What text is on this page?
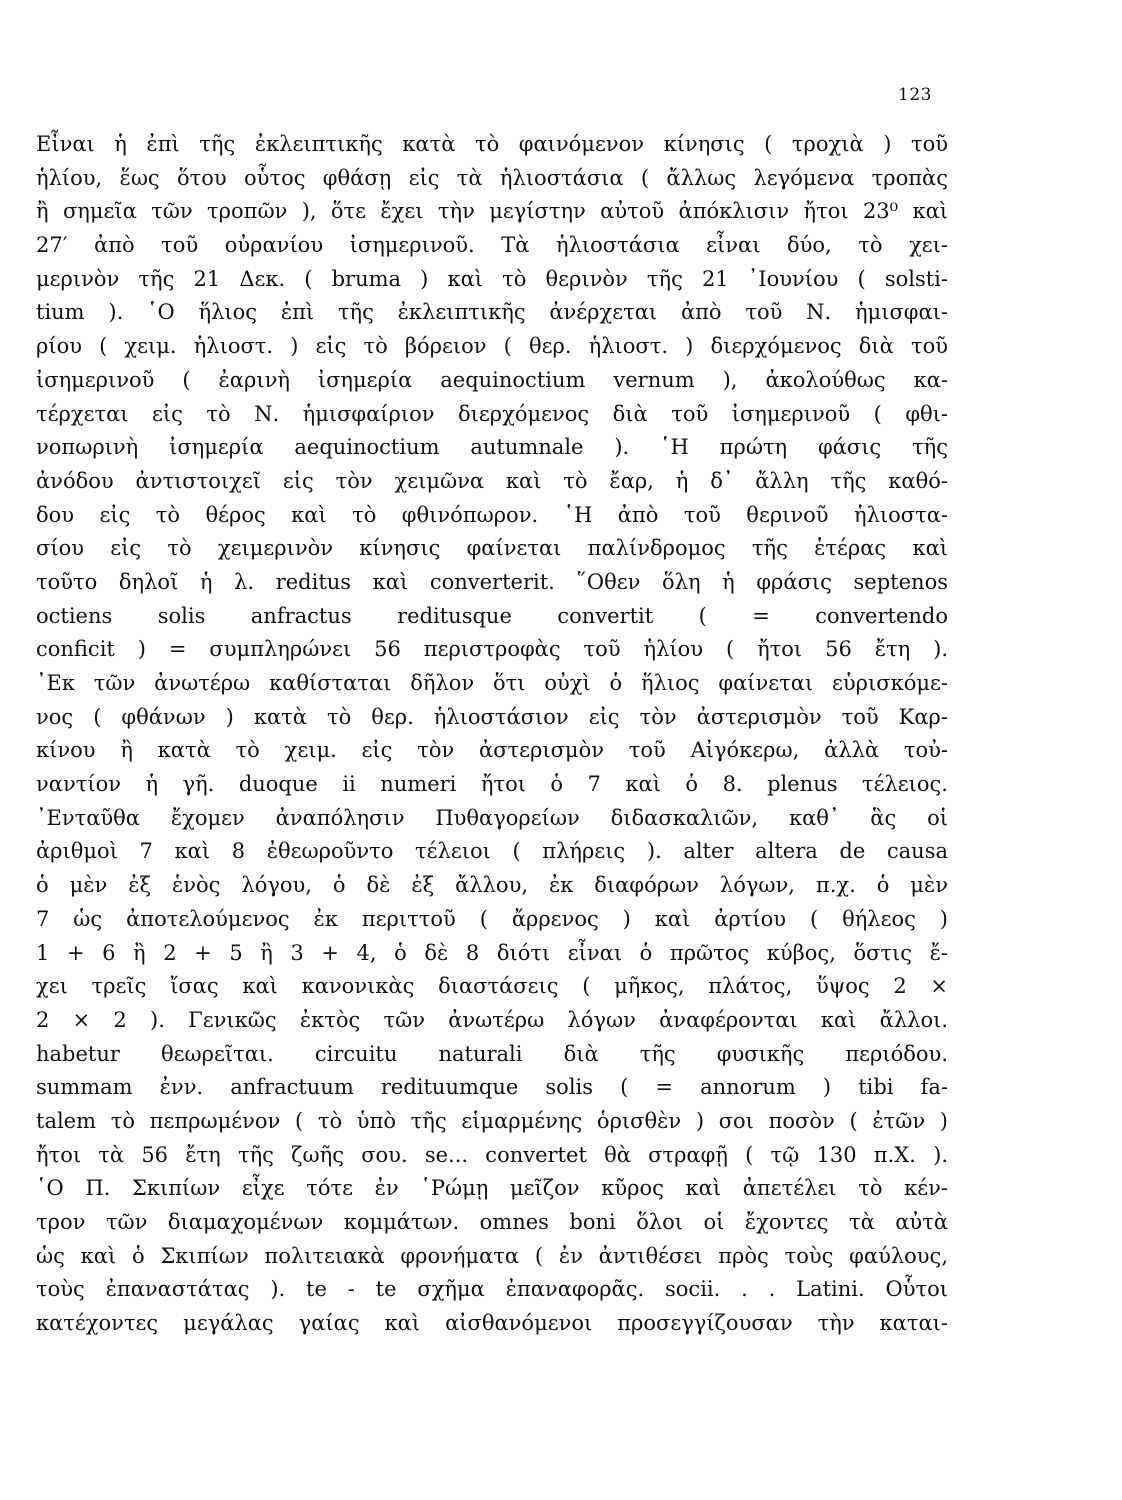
123
Εἶναι ἡ ἐπὶ τῆς ἐκλειπτικῆς κατὰ τὸ φαινόμενον κίνησις ( τροχιὰ ) τοῦ
ἡλίου, ἕως ὅτου οὗτος φθάσῃ εἰς τὰ ἡλιοστάσια ( ἄλλως λεγόμενα τροπὰς
ἢ σημεῖα τῶν τροπῶν ), ὅτε ἔχει τὴν μεγίστην αὐτοῦ ἀπόκλισιν ἤτοι 23⁰ καὶ
27′ ἀπὸ τοῦ οὐρανίου ἰσημερινοῦ. Τὰ ἡλιοστάσια εἶναι δύο, τὸ χει-
μερινὸν τῆς 21 Δεκ. ( bruma ) καὶ τὸ θερινὸν τῆς 21 ᾿Ιουνίου ( solsti-
tium ). ῾Ο ἥλιος ἐπὶ τῆς ἐκλειπτικῆς ἀνέρχεται ἀπὸ τοῦ Ν. ἡμισφαι-
ρίου ( χειμ. ἡλιοστ. ) εἰς τὸ βόρειον ( θερ. ἡλιοστ. ) διερχόμενος διὰ τοῦ
ἰσημερινοῦ ( ἐαρινὴ ἰσημερία aequinoctium vernum ), ἀκολούθως κα-
τέρχεται εἰς τὸ Ν. ἡμισφαίριον διερχόμενος διὰ τοῦ ἰσημερινοῦ ( φθι-
νοπωρινὴ ἰσημερία aequinoctium autumnale ). ῾Η πρώτη φάσις τῆς
ἀνόδου ἀντιστοιχεῖ εἰς τὸν χειμῶνα καὶ τὸ ἔαρ, ἡ δ᾿ ἄλλη τῆς καθό-
δου εἰς τὸ θέρος καὶ τὸ φθινόπωρον. ῾Η ἀπὸ τοῦ θερινοῦ ἡλιοστα-
σίου εἰς τὸ χειμερινὸν κίνησις φαίνεται παλίνδρομος τῆς ἑτέρας καὶ
τοῦτο δηλοῖ ἡ λ. reditus καὶ converterit. ῞Οθεν ὅλη ἡ φράσις septenos
octiens solis anfractus reditusque convertit ( = convertendo
conficit ) = συμπληρώνει 56 περιστροφὰς τοῦ ἡλίου ( ἤτοι 56 ἔτη ).
᾿Εκ τῶν ἀνωτέρω καθίσταται δῆλον ὅτι οὐχὶ ὁ ἥλιος φαίνεται εὑρισκόμε-
νος ( φθάνων ) κατὰ τὸ θερ. ἡλιοστάσιον εἰς τὸν ἀστερισμὸν τοῦ Καρ-
κίνου ἢ κατὰ τὸ χειμ. εἰς τὸν ἀστερισμὸν τοῦ Αἰγόκερω, ἀλλὰ τοὐ-
ναντίον ἡ γῆ. duoque ii numeri ἤτοι ὁ 7 καὶ ὁ 8. plenus τέλειος.
᾿Ενταῦθα ἔχομεν ἀναπόλησιν Πυθαγορείων διδασκαλιῶν, καθ᾿ ἃς οἱ
ἀριθμοὶ 7 καὶ 8 ἐθεωροῦντο τέλειοι ( πλήρεις ). alter altera de causa
ὁ μὲν ἐξ ἑνὸς λόγου, ὁ δὲ ἐξ ἄλλου, ἐκ διαφόρων λόγων, π.χ. ὁ μὲν
7 ὡς ἀποτελούμενος ἐκ περιττοῦ ( ἄρρενος ) καὶ ἀρτίου ( θήλεος )
1 + 6 ἢ 2 + 5 ἢ 3 + 4, ὁ δὲ 8 διότι εἶναι ὁ πρῶτος κύβος, ὅστις ἔ-
χει τρεῖς ἴσας καὶ κανονικὰς διαστάσεις ( μῆκος, πλάτος, ὕψος 2 ×
2 × 2 ). Γενικῶς ἐκτὸς τῶν ἀνωτέρω λόγων ἀναφέρονται καὶ ἄλλοι.
habetur θεωρεῖται. circuitu naturali διὰ τῆς φυσικῆς περιόδου.
summam ἐνν. anfractuum redituumque solis ( = annorum ) tibi fa-
talem τὸ πεπρωμένον ( τὸ ὑπὸ τῆς εἱμαρμένης ὁρισθὲν ) σοι ποσὸν ( ἐτῶν )
ἤτοι τὰ 56 ἔτη τῆς ζωῆς σου. se... convertet θὰ στραφῇ ( τῷ 130 π.Χ. ).
῾Ο Π. Σκιπίων εἶχε τότε ἐν ῾Ρώμῃ μεῖζον κῦρος καὶ ἀπετέλει τὸ κέν-
τρον τῶν διαμαχομένων κομμάτων. omnes boni ὅλοι οἱ ἔχοντες τὰ αὐτὰ
ὡς καὶ ὁ Σκιπίων πολιτειακὰ φρονήματα ( ἐν ἀντιθέσει πρὸς τοὺς φαύλους,
τοὺς ἐπαναστάτας ). te - te σχῆμα ἐπαναφορᾶς. socii. . . Latini. Οὗτοι
κατέχοντες μεγάλας γαίας καὶ αἰσθανόμενοι προσεγγίζουσαν τὴν καται-
